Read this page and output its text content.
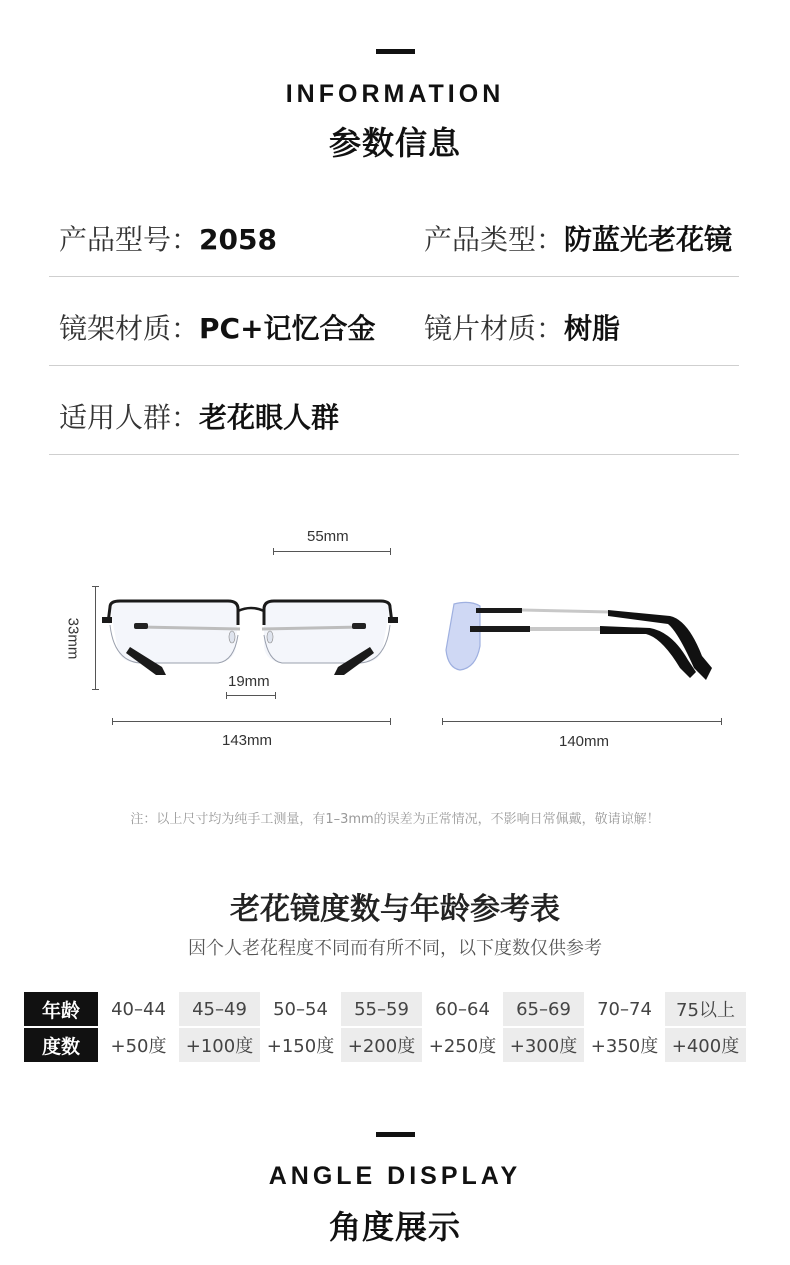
INFORMATION
参数信息
产品型号：2058	产品类型：防蓝光老花镜
镜架材质：PC+记忆合金 镜片材质：树脂
适用人群：老花眼人群
55mm
33mm
19mm
143mm	140mm
注：以上尺寸均为纯手工测量，有1–3mm的误差为正常情况，不影响日常佩戴，敬请谅解！
老花镜度数与年龄参考表
因个人老花程度不同而有所不同，以下度数仅供参考
年龄	40–44	45–49	50–54	55–59	60–64	65–69	70–74	75以上
度数	+50度	+100度	+150度	+200度	+250度	+300度	+350度	+400度
ANGLE DISPLAY
角度展示
